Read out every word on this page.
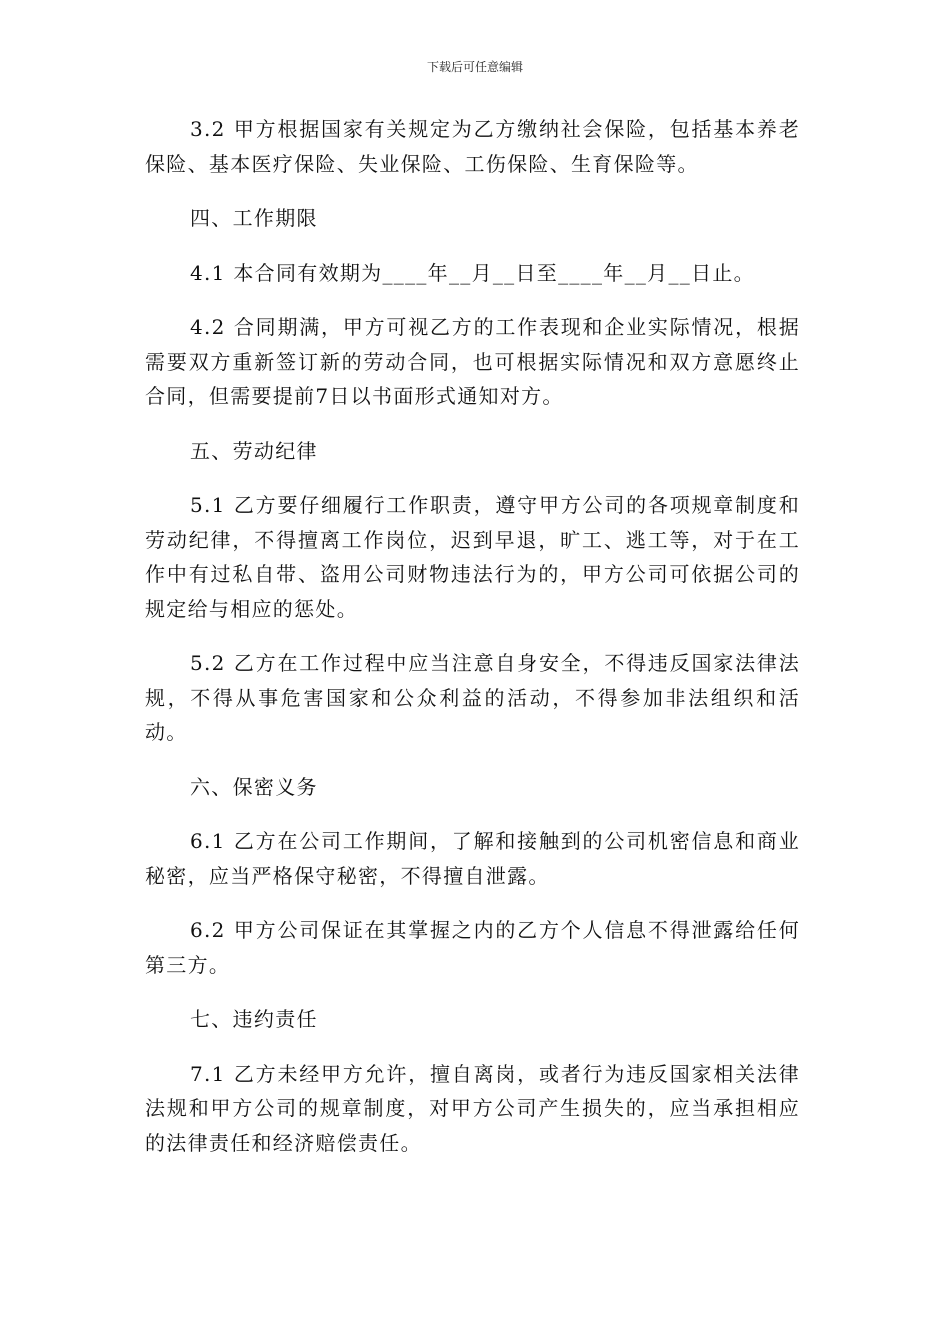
下载后可任意编辑

3.2 甲方根据国家有关规定为乙方缴纳社会保险，包括基本养老保险、基本医疗保险、失业保险、工伤保险、生育保险等。

四、工作期限

4.1 本合同有效期为____年__月__日至____年__月__日止。

4.2 合同期满，甲方可视乙方的工作表现和企业实际情况，根据需要双方重新签订新的劳动合同，也可根据实际情况和双方意愿终止合同，但需要提前7日以书面形式通知对方。

五、劳动纪律

5.1 乙方要仔细履行工作职责，遵守甲方公司的各项规章制度和劳动纪律，不得擅离工作岗位，迟到早退，旷工、逃工等，对于在工作中有过私自带、盗用公司财物违法行为的，甲方公司可依据公司的规定给与相应的惩处。

5.2 乙方在工作过程中应当注意自身安全，不得违反国家法律法规，不得从事危害国家和公众利益的活动，不得参加非法组织和活动。

六、保密义务

6.1 乙方在公司工作期间，了解和接触到的公司机密信息和商业秘密，应当严格保守秘密，不得擅自泄露。

6.2 甲方公司保证在其掌握之内的乙方个人信息不得泄露给任何第三方。

七、违约责任

7.1 乙方未经甲方允许，擅自离岗，或者行为违反国家相关法律法规和甲方公司的规章制度，对甲方公司产生损失的，应当承担相应的法律责任和经济赔偿责任。
